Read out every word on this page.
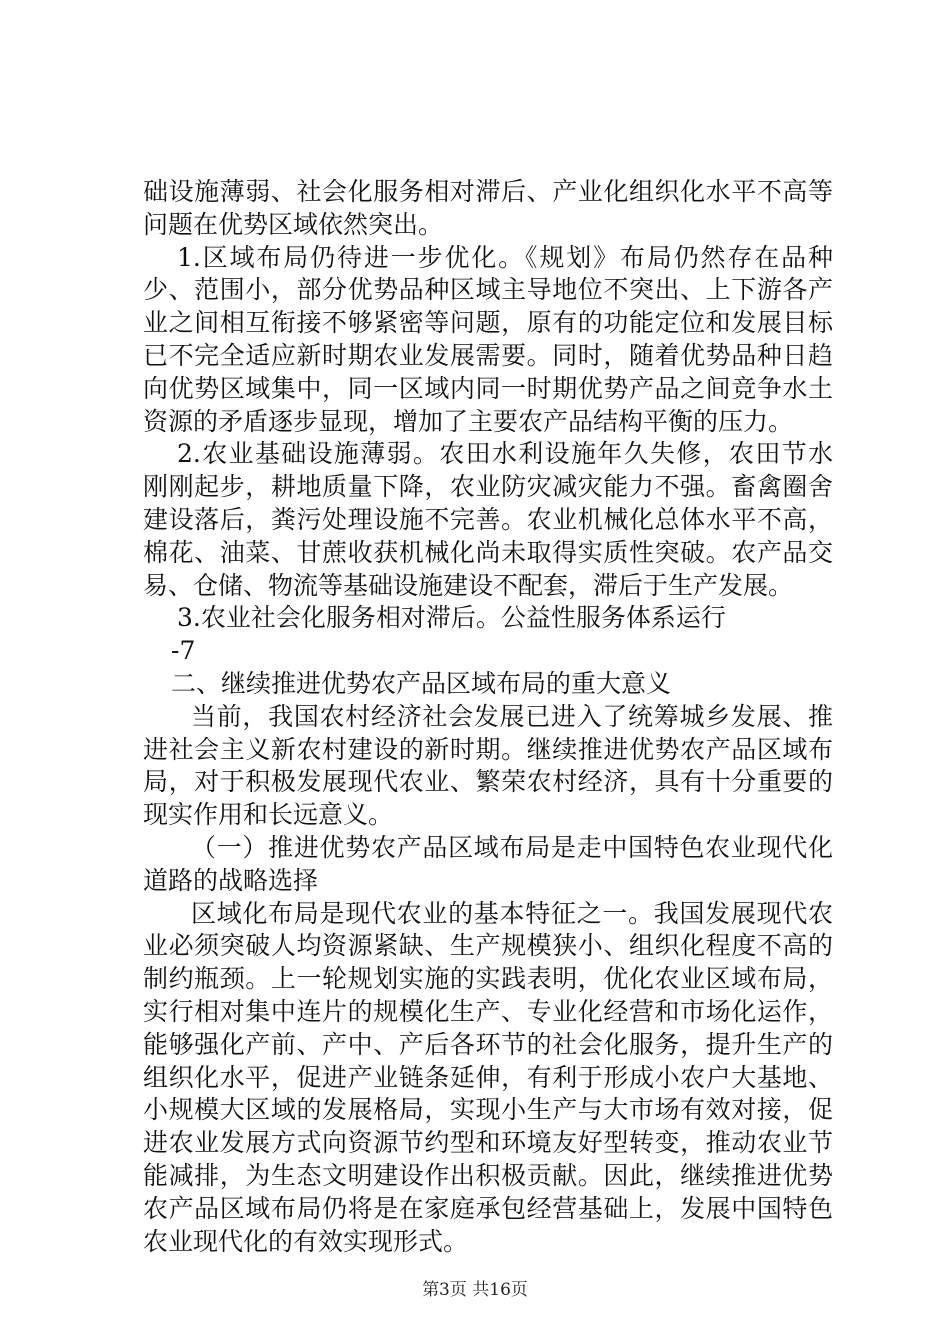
础设施薄弱、社会化服务相对滞后、产业化组织化水平不高等
问题在优势区域依然突出。
1.区域布局仍待进一步优化。《规划》布局仍然存在品种
少、范围小，部分优势品种区域主导地位不突出、上下游各产
业之间相互衔接不够紧密等问题，原有的功能定位和发展目标
已不完全适应新时期农业发展需要。同时，随着优势品种日趋
向优势区域集中，同一区域内同一时期优势产品之间竞争水土
资源的矛盾逐步显现，增加了主要农产品结构平衡的压力。
2.农业基础设施薄弱。农田水利设施年久失修，农田节水
刚刚起步，耕地质量下降，农业防灾减灾能力不强。畜禽圈舍
建设落后，粪污处理设施不完善。农业机械化总体水平不高，
棉花、油菜、甘蔗收获机械化尚未取得实质性突破。农产品交
易、仓储、物流等基础设施建设不配套，滞后于生产发展。
3.农业社会化服务相对滞后。公益性服务体系运行
-7
二、继续推进优势农产品区域布局的重大意义
当前，我国农村经济社会发展已进入了统筹城乡发展、推
进社会主义新农村建设的新时期。继续推进优势农产品区域布
局，对于积极发展现代农业、繁荣农村经济，具有十分重要的
现实作用和长远意义。
（一）推进优势农产品区域布局是走中国特色农业现代化
道路的战略选择
区域化布局是现代农业的基本特征之一。我国发展现代农
业必须突破人均资源紧缺、生产规模狭小、组织化程度不高的
制约瓶颈。上一轮规划实施的实践表明，优化农业区域布局，
实行相对集中连片的规模化生产、专业化经营和市场化运作，
能够强化产前、产中、产后各环节的社会化服务，提升生产的
组织化水平，促进产业链条延伸，有利于形成小农户大基地、
小规模大区域的发展格局，实现小生产与大市场有效对接，促
进农业发展方式向资源节约型和环境友好型转变，推动农业节
能减排，为生态文明建设作出积极贡献。因此，继续推进优势
农产品区域布局仍将是在家庭承包经营基础上，发展中国特色
农业现代化的有效实现形式。
第3页 共16页
